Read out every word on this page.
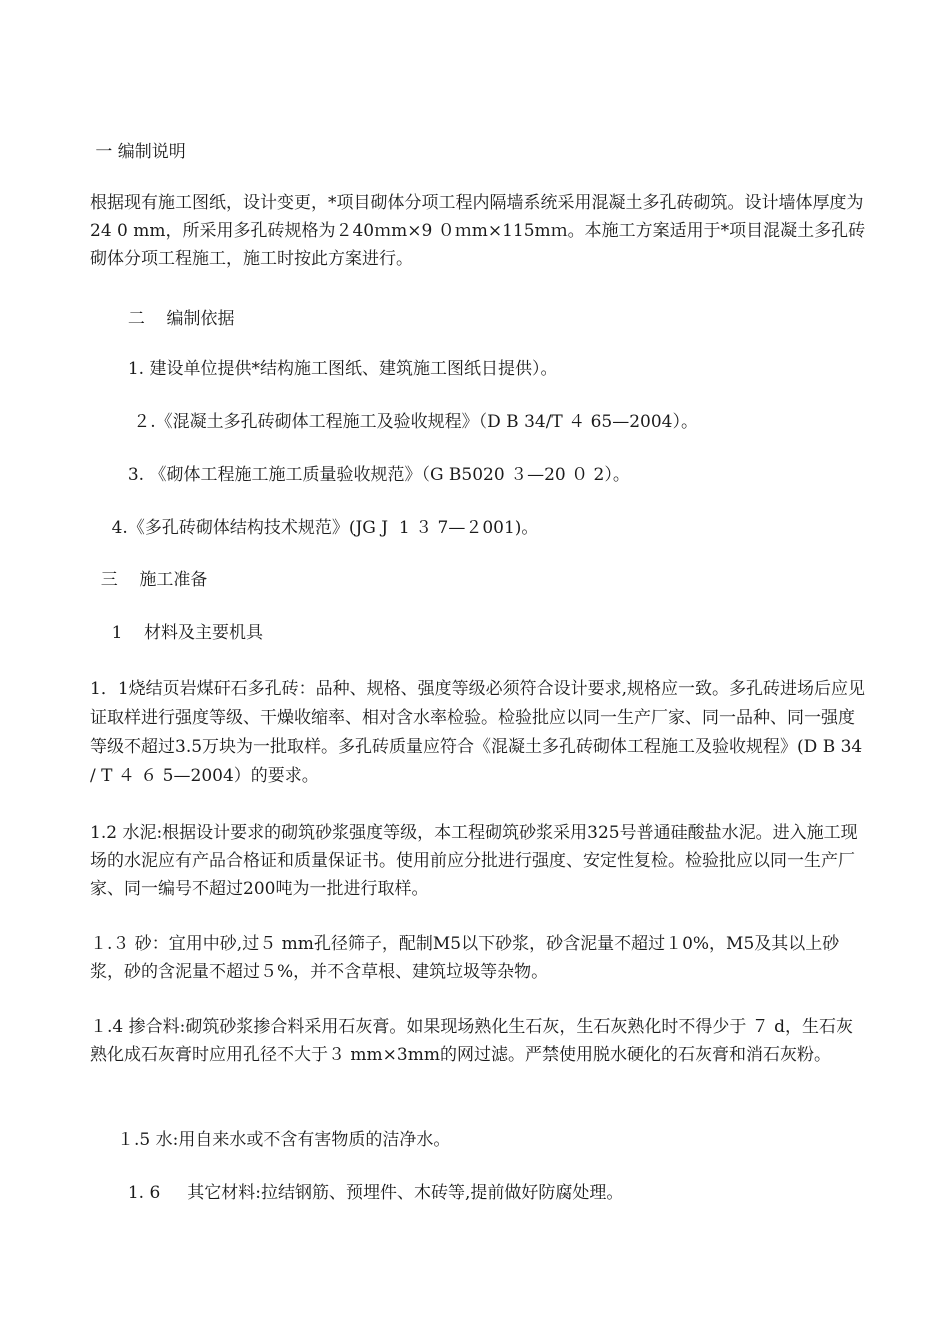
一 编制说明

根据现有施工图纸，设计变更，*项目砌体分项工程内隔墙系统采用混凝土多孔砖砌筑。设计墙体厚度为24 0 mm，所采用多孔砖规格为２40ｍm×9 ０ｍm×115mｍ。本施工方案适用于*项目混凝土多孔砖砌体分项工程施工，施工时按此方案进行。

二    编制依据

1. 建设单位提供*结构施工图纸、建筑施工图纸日提供）。

２.《混凝土多孔砖砌体工程施工及验收规程》（D B 34/T ４ 65—2004）。

3. 《砌体工程施工施工质量验收规范》（G B5020 ３—20 ０ 2）。

4.《多孔砖砌体结构技术规范》(JG J  1 ３ 7—２001)。

三    施工准备

1    材料及主要机具

1．1烧结页岩煤矸石多孔砖：品种、规格、强度等级必须符合设计要求,规格应一致。多孔砖进场后应见证取样进行强度等级、干燥收缩率、相对含水率检验。检验批应以同一生产厂家、同一品种、同一强度等级不超过3.5万块为一批取样。多孔砖质量应符合《混凝土多孔砖砌体工程施工及验收规程》(D B 34 / T ４ ６ 5—2004）的要求。

1.2 水泥:根据设计要求的砌筑砂浆强度等级，本工程砌筑砂浆采用325号普通硅酸盐水泥。进入施工现场的水泥应有产品合格证和质量保证书。使用前应分批进行强度、安定性复检。检验批应以同一生产厂家、同一编号不超过200吨为一批进行取样。

１.３ 砂：宜用中砂,过５ mm孔径筛子，配制M5以下砂浆，砂含泥量不超过１0%，M5及其以上砂浆，砂的含泥量不超过５%，并不含草根、建筑垃圾等杂物。

１.4 掺合料:砌筑砂浆掺合料采用石灰膏。如果现场熟化生石灰，生石灰熟化时不得少于 ７ d，生石灰熟化成石灰膏时应用孔径不大于３ mm×3mm的网过滤。严禁使用脱水硬化的石灰膏和消石灰粉。

１.5 水:用自来水或不含有害物质的洁净水。

1. 6     其它材料:拉结钢筋、预埋件、木砖等,提前做好防腐处理。
